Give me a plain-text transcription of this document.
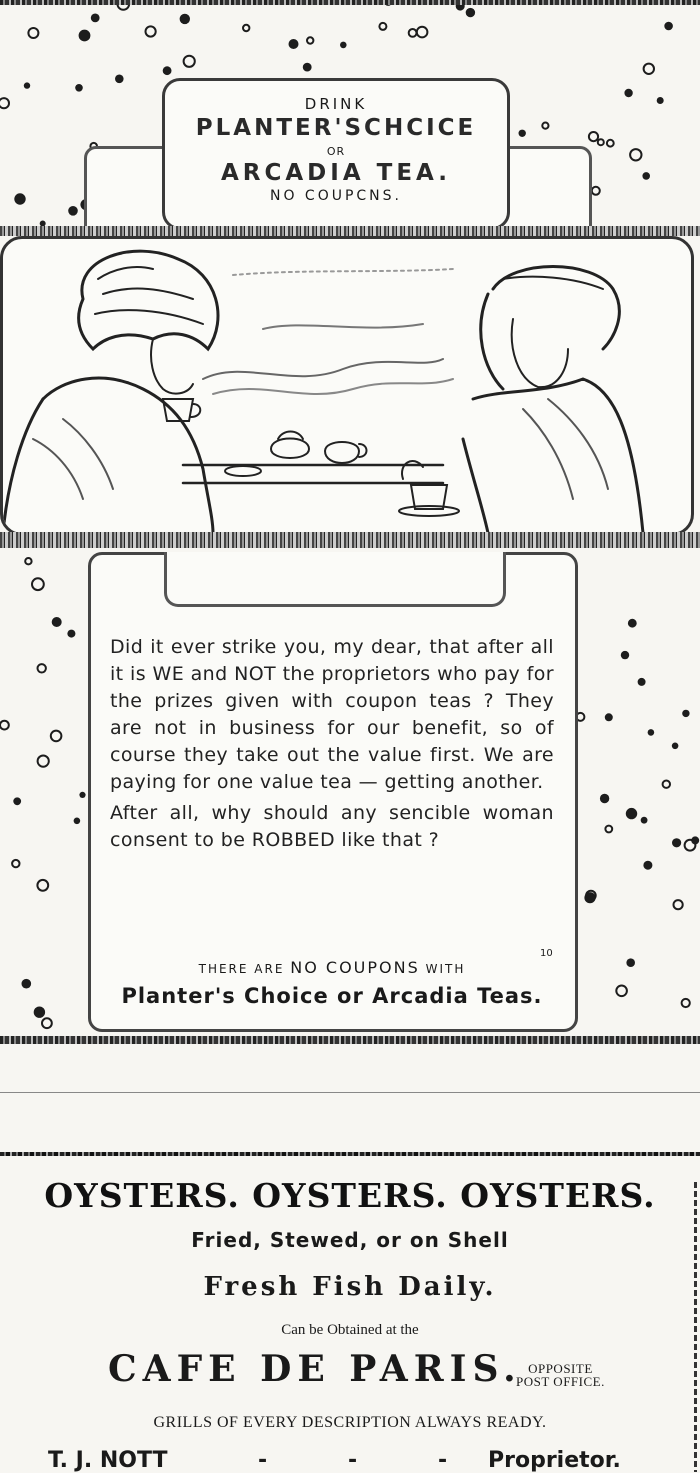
DRINK
PLANTER'SCHCICE
OR
ARCADIA TEA.
NO COUPCNS.

Did it ever strike you, my dear, that after all it is WE and NOT the proprietors who pay for the prizes given with coupon teas ? They are not in business for our benefit, so of course they take out the value first. We are paying for one value tea — getting another.

After all, why should any sencible woman consent to be ROBBED like that ?

10
THERE ARE NO COUPONS WITH
Planter's Choice or Arcadia Teas.
OYSTERS. OYSTERS. OYSTERS.
Fried, Stewed, or on Shell
Fresh Fish Daily.
Can be Obtained at the
CAFE DE PARIS. OPPOSITE
POST OFFICE.
GRILLS OF EVERY DESCRIPTION ALWAYS READY.
T. J. NOTT	-	-	- Proprietor.
